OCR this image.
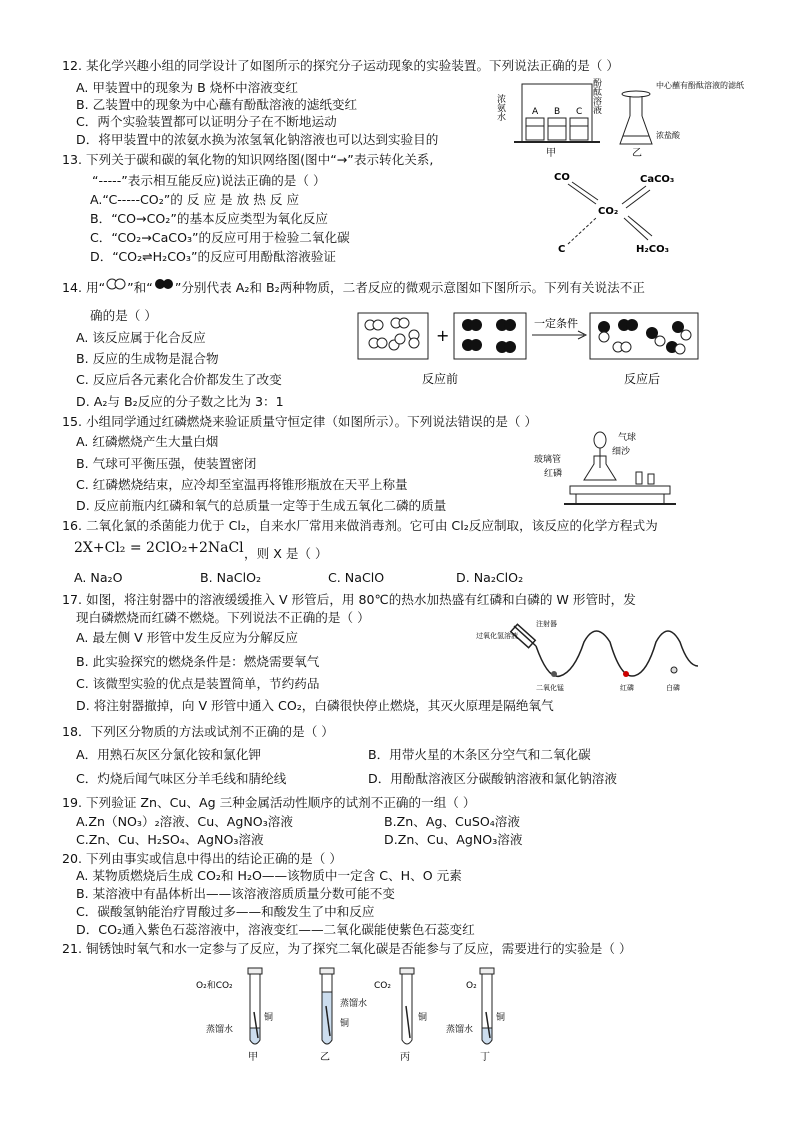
12. 某化学兴趣小组的同学设计了如图所示的探究分子运动现象的实验装置。下列说法正确的是（ ）
A. 甲装置中的现象为 B 烧杯中溶液变红
B. 乙装置中的现象为中心蘸有酚酞溶液的滤纸变红
C．两个实验装置都可以证明分子在不断地运动
D．将甲装置中的浓氨水换为浓氢氧化钠溶液也可以达到实验目的
浓氨水	酚酞溶液
A B C
甲
中心蘸有酚酞溶液的滤纸
浓盐酸
乙
13. 下列关于碳和碳的氧化物的知识网络图(图中“→”表示转化关系,
“-----”表示相互能反应)说法正确的是（ ）
A.“C-----CO₂”的 反 应 是 放 热 反 应
B．“CO→CO₂”的基本反应类型为氧化反应
C．“CO₂→CaCO₃”的反应可用于检验二氧化碳
D．“CO₂⇌H₂CO₃”的反应可用酚酞溶液验证
CO	CaCO₃
CO₂
C	H₂CO₃
14. 用“ ”和“ ”分别代表 A₂和 B₂两种物质，二者反应的微观示意图如下图所示。下列有关说法不正
确的是（ ）
A. 该反应属于化合反应
B. 反应的生成物是混合物
C. 反应后各元素化合价都发生了改变
D. A₂与 B₂反应的分子数之比为 3：1
+
一定条件
反应前	反应后
15. 小组同学通过红磷燃烧来验证质量守恒定律（如图所示）。下列说法错误的是（ ）
A. 红磷燃烧产生大量白烟
B. 气球可平衡压强，使装置密闭
C. 红磷燃烧结束，应冷却至室温再将锥形瓶放在天平上称量
D. 反应前瓶内红磷和氧气的总质量一定等于生成五氧化二磷的质量
气球
细沙
玻璃管
红磷
16. 二氧化氯的杀菌能力优于 Cl₂，自来水厂常用来做消毒剂。它可由 Cl₂反应制取，该反应的化学方程式为
2X+Cl₂ = 2ClO₂+2NaCl ，则 X 是（ ）
A. Na₂O	B. NaClO₂	C. NaClO	D. Na₂ClO₂
17. 如图，将注射器中的溶液缓缓推入 V 形管后，用 80℃的热水加热盛有红磷和白磷的 W 形管时，发
现白磷燃烧而红磷不燃烧。下列说法不正确的是（ ）
A. 最左侧 V 形管中发生反应为分解反应
B. 此实验探究的燃烧条件是：燃烧需要氧气
C. 该微型实验的优点是装置简单，节约药品
D. 将注射器撤掉，向 V 形管中通入 CO₂，白磷很快停止燃烧，其灭火原理是隔绝氧气
注射器
过氧化氢溶液
二氧化锰	红磷	白磷
18．下列区分物质的方法或试剂不正确的是（ ）
A．用熟石灰区分氯化铵和氯化钾	B．用带火星的木条区分空气和二氧化碳
C．灼烧后闻气味区分羊毛线和腈纶线	D．用酚酞溶液区分碳酸钠溶液和氯化钠溶液
19. 下列验证 Zn、Cu、Ag 三种金属活动性顺序的试剂不正确的一组（ ）
A.Zn（NO₃）₂溶液、Cu、AgNO₃溶液	B.Zn、Ag、CuSO₄溶液
C.Zn、Cu、H₂SO₄、AgNO₃溶液	D.Zn、Cu、AgNO₃溶液
20. 下列由事实或信息中得出的结论正确的是（ ）
A. 某物质燃烧后生成 CO₂和 H₂O——该物质中一定含 C、H、O 元素
B. 某溶液中有晶体析出——该溶液溶质质量分数可能不变
C．碳酸氢钠能治疗胃酸过多——和酸发生了中和反应
D．CO₂通入紫色石蕊溶液中，溶液变红——二氧化碳能使紫色石蕊变红
21. 铜锈蚀时氧气和水一定参与了反应，为了探究二氧化碳是否能参与了反应，需要进行的实验是（ ）
O₂和CO₂
蒸馏水
铜
甲
蒸馏水
铜
乙
CO₂
铜
丙
O₂
蒸馏水
铜
丁
